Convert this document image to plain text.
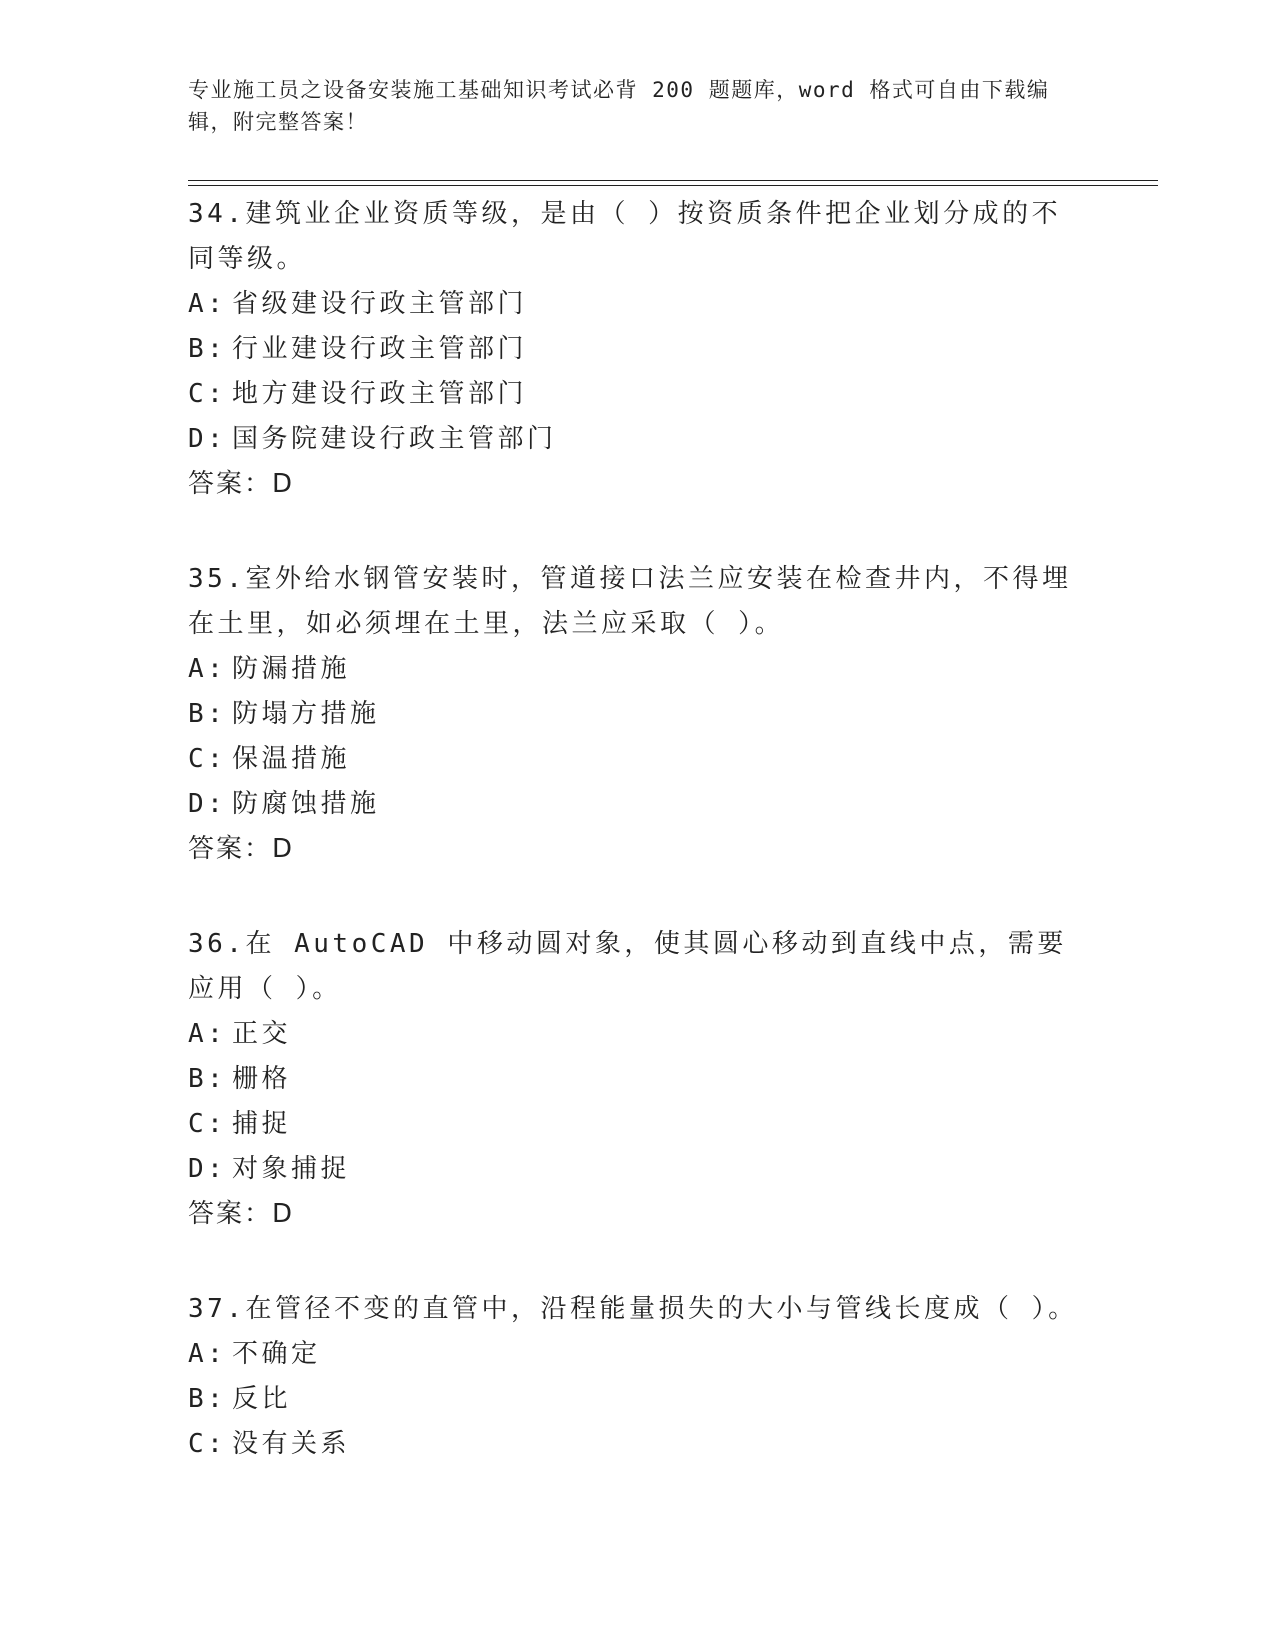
专业施工员之设备安装施工基础知识考试必背 200 题题库，word 格式可自由下载编辑，附完整答案！

34.建筑业企业资质等级，是由（ ）按资质条件把企业划分成的不同等级。

A: 省级建设行政主管部门
B: 行业建设行政主管部门
C: 地方建设行政主管部门
D: 国务院建设行政主管部门
答案：D

35.室外给水钢管安装时，管道接口法兰应安装在检查井内，不得埋在土里，如必须埋在土里，法兰应采取（ ）。

A: 防漏措施
B: 防塌方措施
C: 保温措施
D: 防腐蚀措施
答案：D

36.在 AutoCAD 中移动圆对象，使其圆心移动到直线中点，需要应用（ ）。

A: 正交
B: 栅格
C: 捕捉
D: 对象捕捉
答案：D

37.在管径不变的直管中，沿程能量损失的大小与管线长度成（ ）。

A: 不确定
B: 反比
C: 没有关系
